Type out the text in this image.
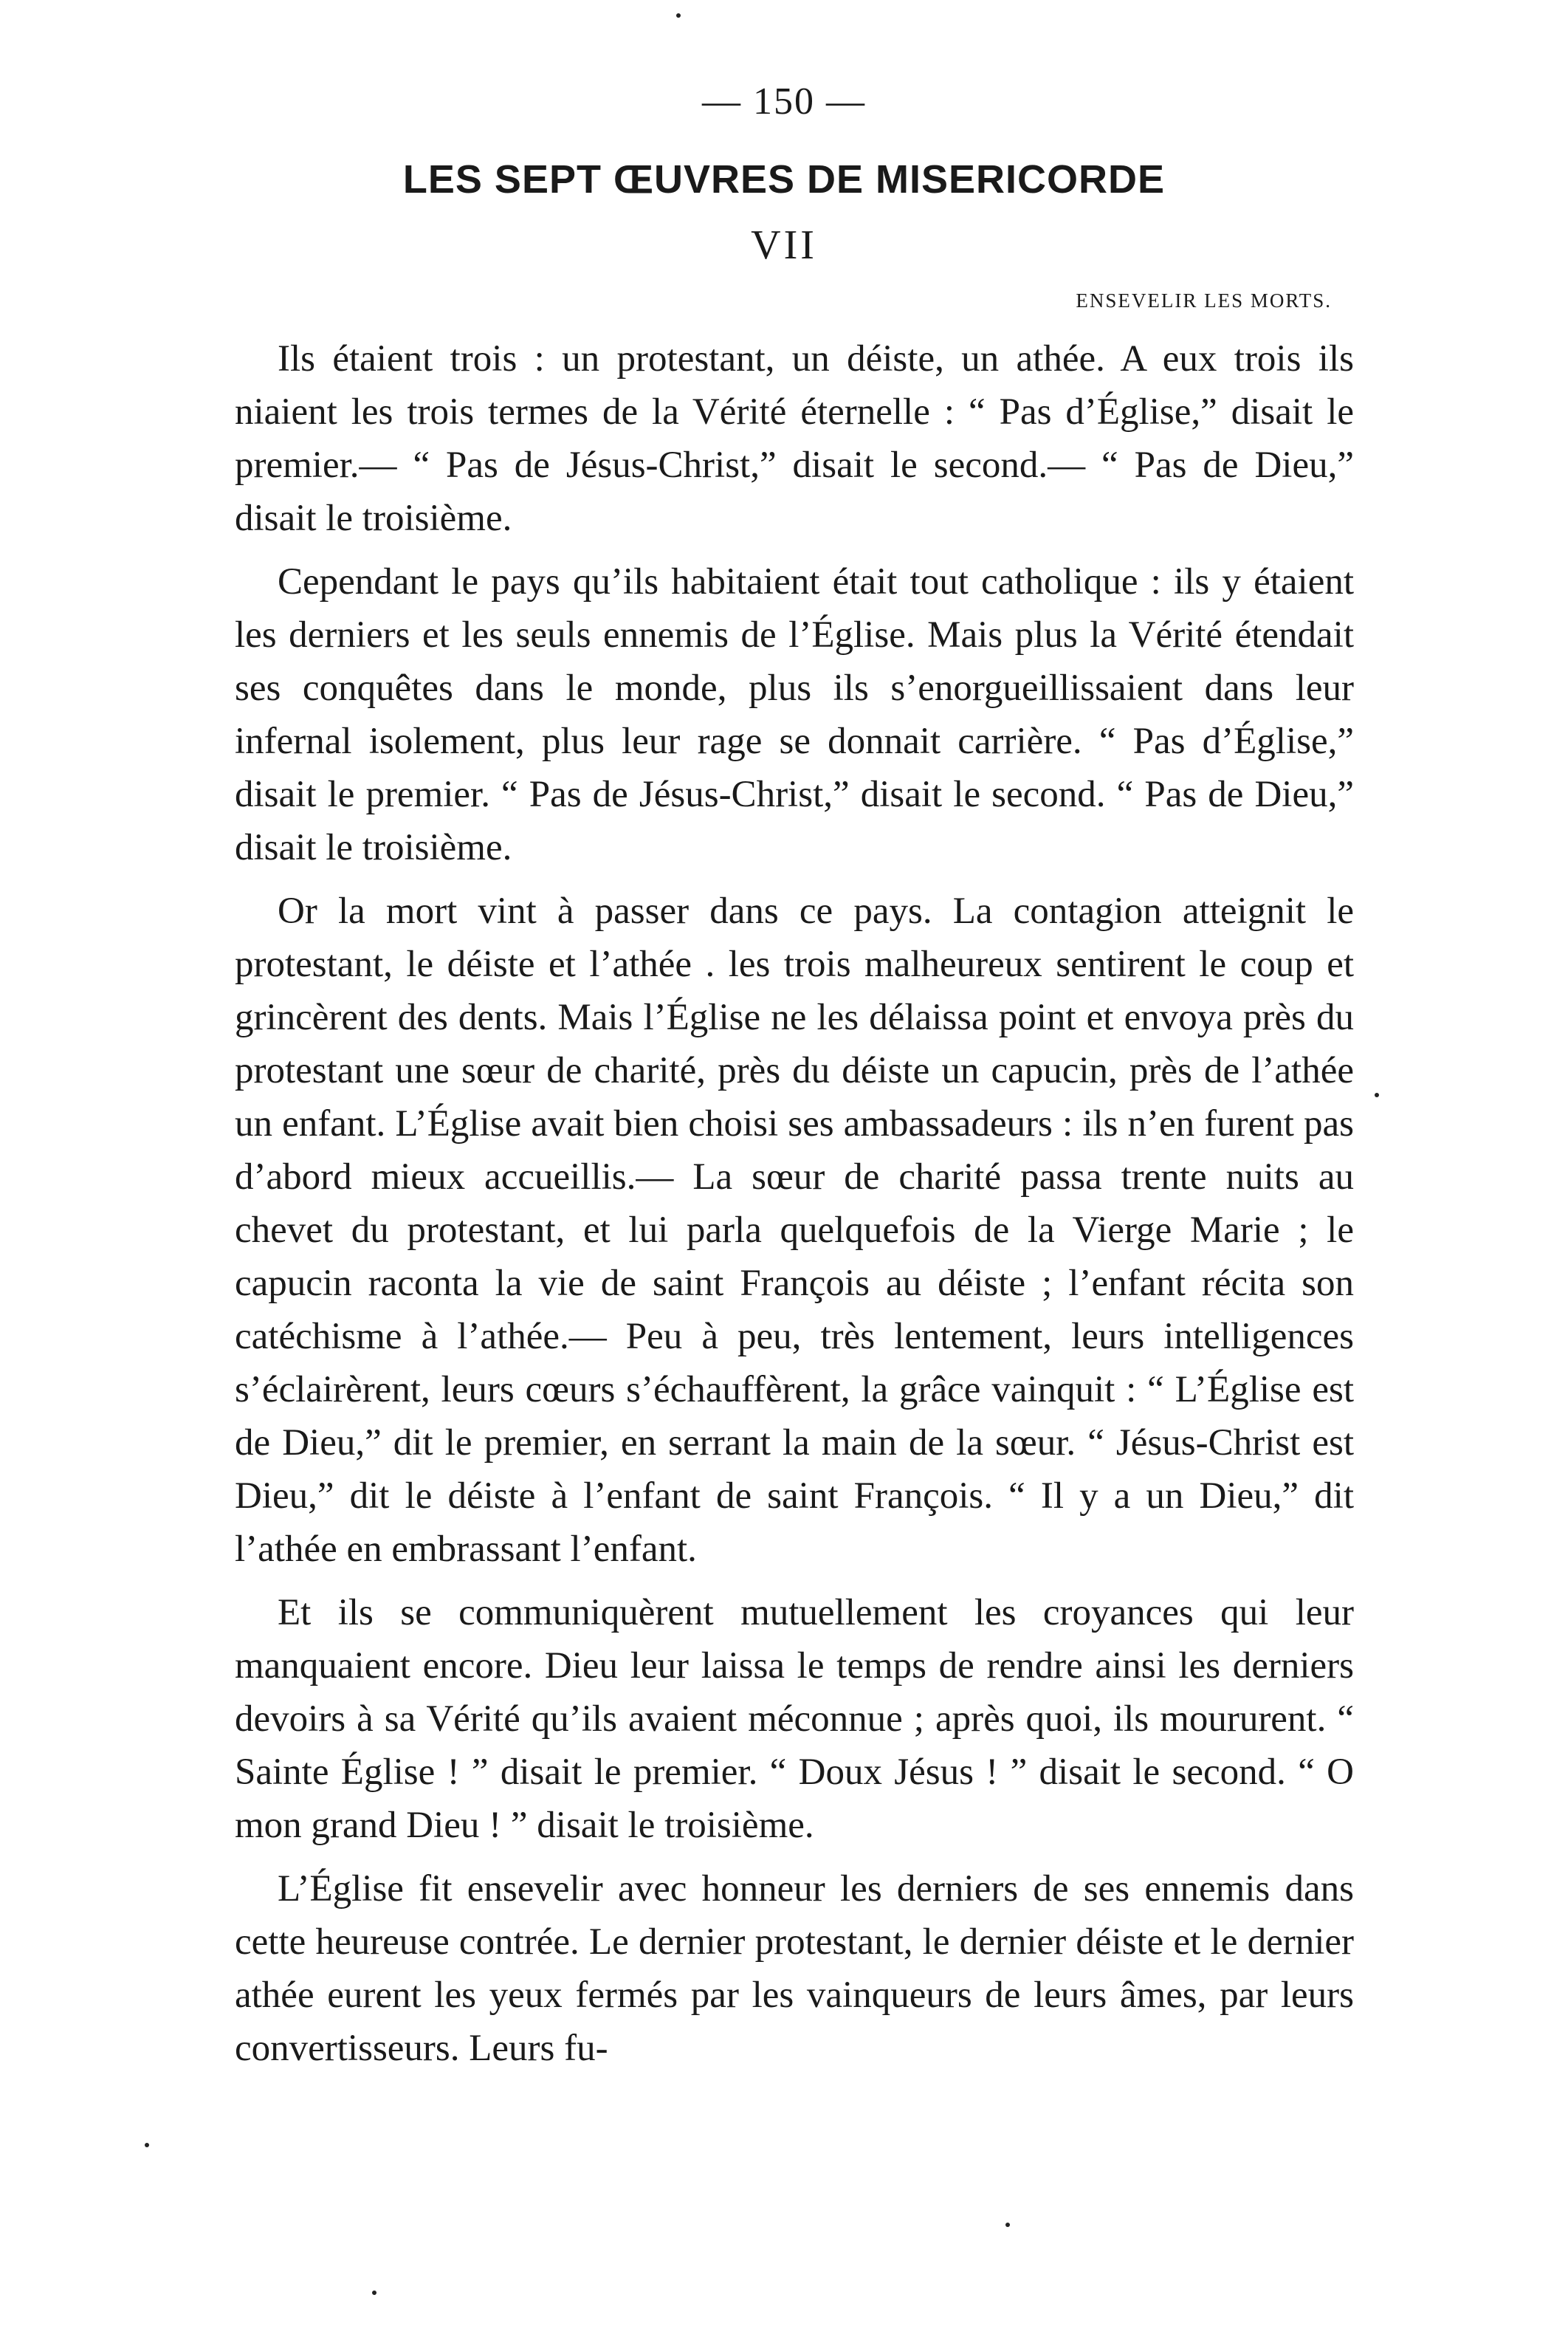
— 150 —
LES SEPT ŒUVRES DE MISERICORDE
VII
ENSEVELIR LES MORTS.

Ils étaient trois : un protestant, un déiste, un athée. A eux trois ils niaient les trois termes de la Vérité éternelle : “ Pas d’Église,” disait le premier.— “ Pas de Jésus-Christ,” disait le second.— “ Pas de Dieu,” disait le troisième.

Cependant le pays qu’ils habitaient était tout catholique : ils y étaient les derniers et les seuls ennemis de l’Église. Mais plus la Vérité étendait ses conquêtes dans le monde, plus ils s’enorgueillissaient dans leur infernal isolement, plus leur rage se donnait carrière. “ Pas d’Église,” disait le premier. “ Pas de Jésus-Christ,” disait le second. “ Pas de Dieu,” disait le troisième.

Or la mort vint à passer dans ce pays. La contagion atteignit le protestant, le déiste et l’athée . les trois malheureux sentirent le coup et grincèrent des dents. Mais l’Église ne les délaissa point et envoya près du protestant une sœur de charité, près du déiste un capucin, près de l’athée un enfant. L’Église avait bien choisi ses ambassadeurs : ils n’en furent pas d’abord mieux accueillis.— La sœur de charité passa trente nuits au chevet du protestant, et lui parla quelquefois de la Vierge Marie ; le capucin raconta la vie de saint François au déiste ; l’enfant récita son catéchisme à l’athée.— Peu à peu, très lentement, leurs intelligences s’éclairèrent, leurs cœurs s’échauffèrent, la grâce vainquit : “ L’Église est de Dieu,” dit le premier, en serrant la main de la sœur. “ Jésus-Christ est Dieu,” dit le déiste à l’enfant de saint François. “ Il y a un Dieu,” dit l’athée en embrassant l’enfant.

Et ils se communiquèrent mutuellement les croyances qui leur manquaient encore. Dieu leur laissa le temps de rendre ainsi les derniers devoirs à sa Vérité qu’ils avaient méconnue ; après quoi, ils moururent. “ Sainte Église ! ” disait le premier. “ Doux Jésus ! ” disait le second. “ O mon grand Dieu ! ” disait le troisième.

L’Église fit ensevelir avec honneur les derniers de ses ennemis dans cette heureuse contrée. Le dernier protestant, le dernier déiste et le dernier athée eurent les yeux fermés par les vainqueurs de leurs âmes, par leurs convertisseurs. Leurs fu-
